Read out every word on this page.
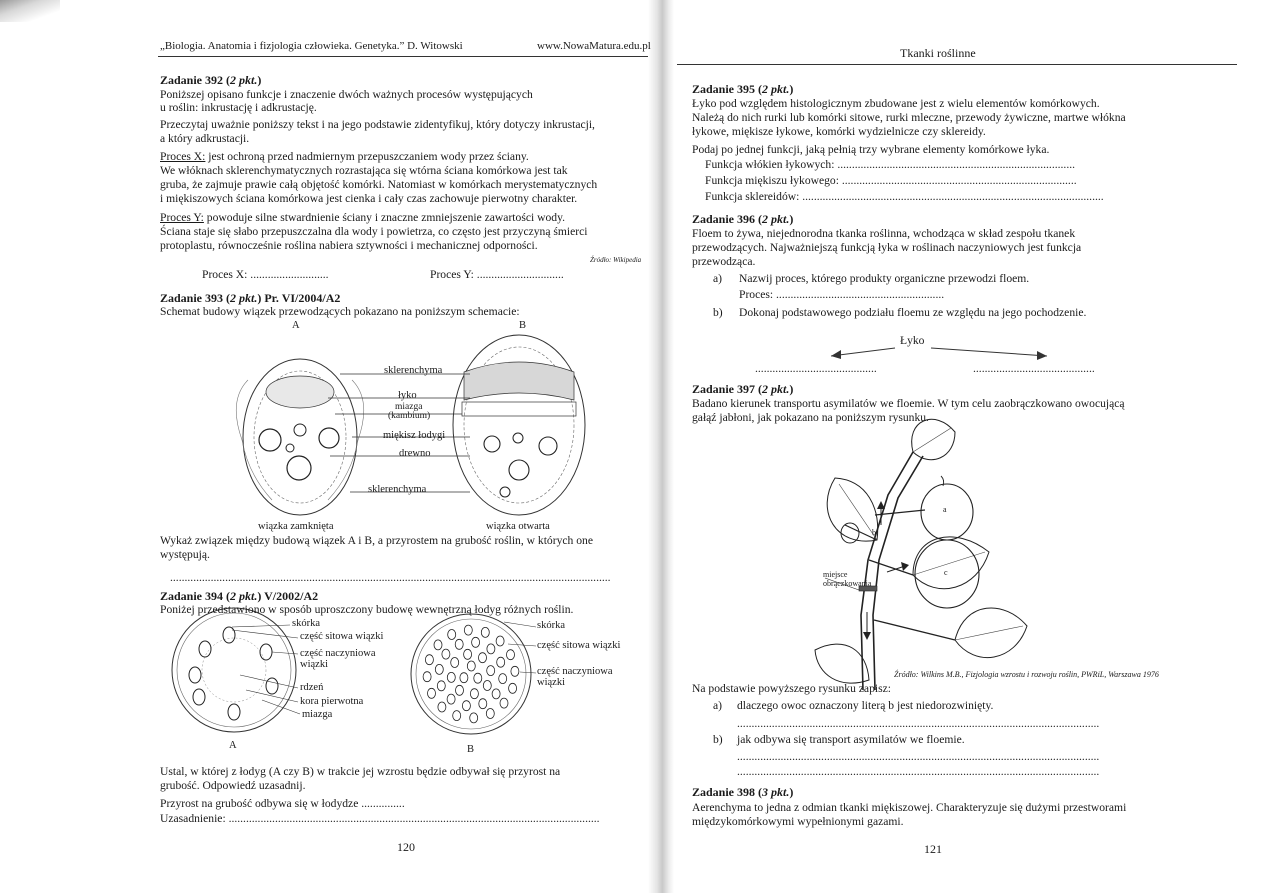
„Biologia. Anatomia i fizjologia człowieka. Genetyka.” D. Witowski	www.NowaMatura.edu.pl
Zadanie 392 (2 pkt.)
Poniższej opisano funkcje i znaczenie dwóch ważnych procesów występujących
u roślin: inkrustację i adkrustację.
Przeczytaj uważnie poniższy tekst i na jego podstawie zidentyfikuj, który dotyczy inkrustacji,
a który adkrustacji.
Proces X: jest ochroną przed nadmiernym przepuszczaniem wody przez ściany.
We włóknach sklerenchymatycznych rozrastająca się wtórna ściana komórkowa jest tak
gruba, że zajmuje prawie całą objętość komórki. Natomiast w komórkach merystematycznych
i miękiszowych ściana komórkowa jest cienka i cały czas zachowuje pierwotny charakter.
Proces Y: powoduje silne stwardnienie ściany i znaczne zmniejszenie zawartości wody.
Ściana staje się słabo przepuszczalna dla wody i powietrza, co często jest przyczyną śmierci
protoplastu, równocześnie roślina nabiera sztywności i mechanicznej odporności.
Źródło: Wikipedia
Proces X: ...........................	Proces Y: ..............................
Zadanie 393 (2 pkt.) Pr. VI/2004/A2
Schemat budowy wiązek przewodzących pokazano na poniższym schemacie:
A	B
sklerenchyma
łyko
miazga
(kambium)
miękisz łodygi
drewno
sklerenchyma
wiązka zamknięta	wiązka otwarta
Wykaż związek między budową wiązek A i B, a przyrostem na grubość roślin, w których one
występują.
........................................................................................................................................................
Zadanie 394 (2 pkt.) V/2002/A2
Poniżej przedstawiono w sposób uproszczony budowę wewnętrzną łodyg różnych roślin.
skórka
część sitowa wiązki
część naczyniowa
wiązki
rdzeń
kora pierwotna
miazga
skórka
część sitowa wiązki
część naczyniowa
wiązki
A	B
Ustal, w której z łodyg (A czy B) w trakcie jej wzrostu będzie odbywał się przyrost na
grubość. Odpowiedź uzasadnij.
Przyrost na grubość odbywa się w łodydze ...............
Uzasadnienie: ................................................................................................................................
120
Tkanki roślinne
Zadanie 395 (2 pkt.)
Łyko pod względem histologicznym zbudowane jest z wielu elementów komórkowych.
Należą do nich rurki lub komórki sitowe, rurki mleczne, przewody żywiczne, martwe włókna
łykowe, miękisze łykowe, komórki wydzielnicze czy sklereidy.
Podaj po jednej funkcji, jaką pełnią trzy wybrane elementy komórkowe łyka.
Funkcja włókien łykowych: ..................................................................................
Funkcja miękiszu łykowego: .................................................................................
Funkcja sklereidów: ........................................................................................................
Zadanie 396 (2 pkt.)
Floem to żywa, niejednorodna tkanka roślinna, wchodząca w skład zespołu tkanek
przewodzących. Najważniejszą funkcją łyka w roślinach naczyniowych jest funkcja
przewodząca.
a) Nazwij proces, którego produkty organiczne przewodzi floem.
Proces: ..........................................................
b) Dokonaj podstawowego podziału floemu ze względu na jego pochodzenie.
Łyko
..........................................	..........................................
Zadanie 397 (2 pkt.)
Badano kierunek transportu asymilatów we floemie. W tym celu zaobrączkowano owocującą
gałąź jabłoni, jak pokazano na poniższym rysunku.
a
b
c
miejsce
obrączkowania
Źródło: Wilkins M.B., Fizjologia wzrostu i rozwoju roślin, PWRiL, Warszawa 1976
Na podstawie powyższego rysunku zapisz:
a) dlaczego owoc oznaczony literą b jest niedorozwinięty.
.............................................................................................................................
b) jak odbywa się transport asymilatów we floemie.
.............................................................................................................................
.............................................................................................................................
Zadanie 398 (3 pkt.)
Aerenchyma to jedna z odmian tkanki miękiszowej. Charakteryzuje się dużymi przestworami
międzykomórkowymi wypełnionymi gazami.
121
